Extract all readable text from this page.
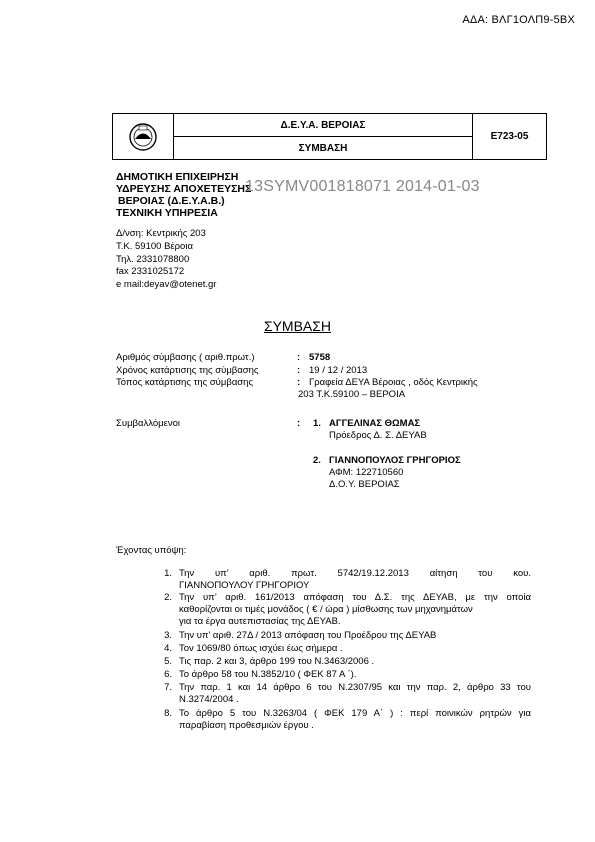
ΑΔΑ: ΒΛΓ1ΟΛΠ9-5ΒΧ
Δ.Ε.Υ.Α. ΒΕΡΟΙΑΣ
ΣΥΜΒΑΣΗ
Ε723-05
ΔΗΜΟΤΙΚΗ ΕΠΙΧΕΙΡΗΣΗ
ΥΔΡΕΥΣΗΣ ΑΠΟΧΕΤΕΥΣΗΣ
ΒΕΡΟΙΑΣ (Δ.Ε.Υ.Α.Β.)
ΤΕΧΝΙΚΗ ΥΠΗΡΕΣΙΑ
Δ/νση: Κεντρικής 203
Τ.Κ. 59100 Βέροια
Τηλ. 2331078800
fax 2331025172
e mail:deyav@otenet.gr
13SYMV001818071 2014-01-03
ΣΥΜΒΑΣΗ
Αριθμός σύμβασης ( αριθ.πρωτ.)	: 5758
Χρόνος κατάρτισης της σύμβασης	: 19 / 12 / 2013
Τόπος κατάρτισης της σύμβασης	: Γραφεία ΔΕΥΑ Βέροιας , οδός Κεντρικής
203 Τ.Κ.59100 – ΒΕΡΟΙΑ
Συμβαλλόμενοι	: 1. ΑΓΓΕΛΙΝΑΣ ΘΩΜΑΣ
Πρόεδρος Δ. Σ. ΔΕΥΑΒ
2. ΓΙΑΝΝΟΠΟΥΛΟΣ ΓΡΗΓΟΡΙΟΣ
ΑΦΜ: 122710560
Δ.Ο.Υ. ΒΕΡΟΙΑΣ
Έχοντας υπόψη:
1. Την υπ’ αριθ. πρωτ. 5742/19.12.2013 αίτηση του κου.
ΓΙΑΝΝΟΠΟΥΛΟΥ ΓΡΗΓΟΡΙΟΥ
2. Την υπ’ αριθ. 161/2013 απόφαση του Δ.Σ. της ΔΕΥΑΒ, με την οποία
καθορίζονται οι τιμές μονάδος ( € / ώρα ) μίσθωσης των μηχανημάτων
για τα έργα αυτεπιστασίας της ΔΕΥΑΒ.
3. Την υπ’ αριθ. 27Δ / 2013 απόφαση του Προέδρου της ΔΕΥΑΒ
4. Τον 1069/80 όπως ισχύει έως σήμερα .
5. Τις παρ. 2 και 3, άρθρο 199 του Ν.3463/2006 .
6. Το άρθρο 58 του Ν.3852/10 ( ΦΕΚ 87 Α ΄).
7. Την παρ. 1 και 14 άρθρο 6 του Ν.2307/95 και την παρ. 2, άρθρο 33 του
Ν.3274/2004 .
8. Το άρθρο 5 του Ν.3263/04 ( ΦΕΚ 179 Α΄ ) : περί ποινικών ρητρών για
παραβίαση προθεσμιών έργου .
